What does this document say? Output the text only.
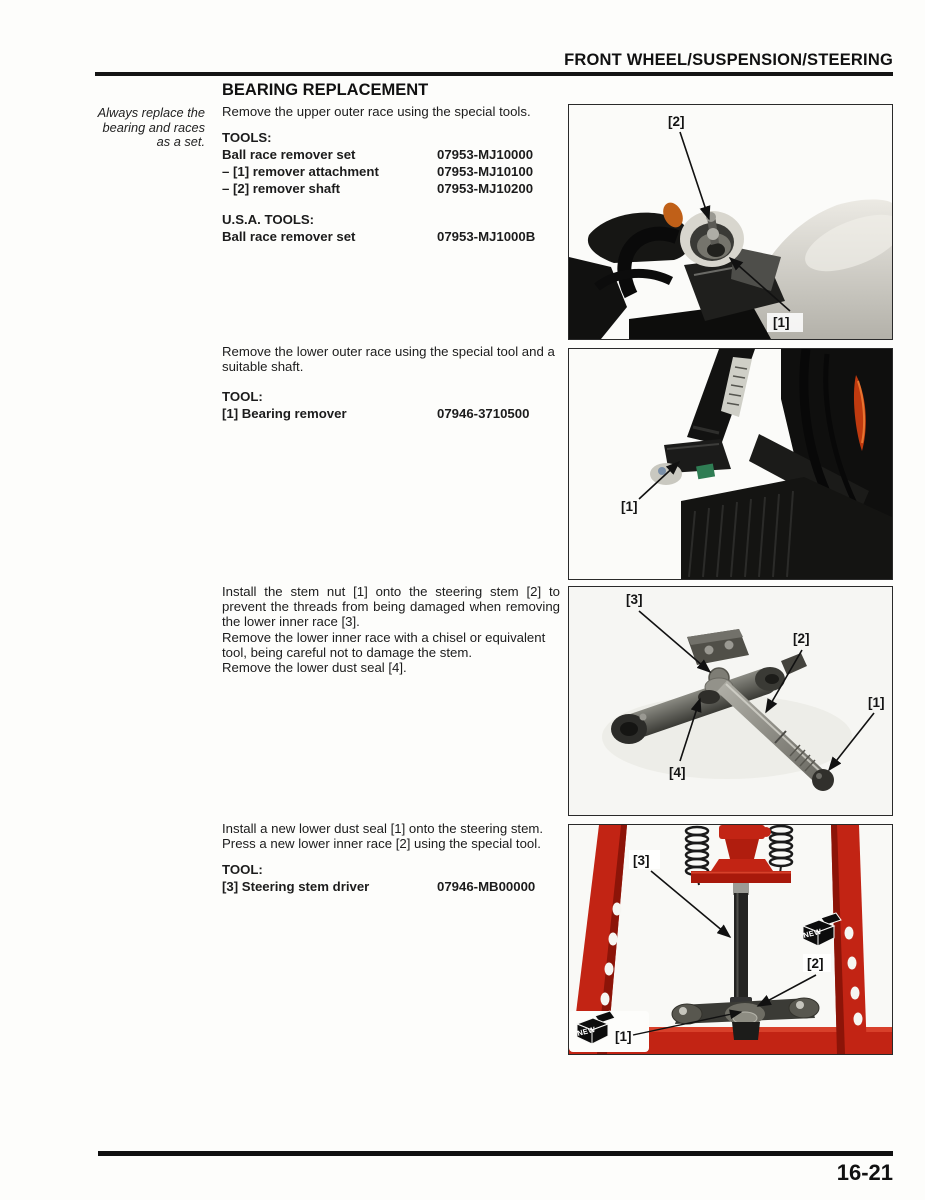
FRONT WHEEL/SUSPENSION/STEERING
BEARING REPLACEMENT
Always replace the bearing and races as a set.

Remove the upper outer race using the special tools.

TOOLS:
Ball race remover set	07953-MJ10000
– [1] remover attachment	07953-MJ10100
– [2] remover shaft	07953-MJ10200
U.S.A. TOOLS:
Ball race remover set	07953-MJ1000B

Remove the lower outer race using the special tool and a suitable shaft.

TOOL:
[1] Bearing remover	07946-3710500

Install the stem nut [1] onto the steering stem [2] to prevent the threads from being damaged when removing the lower inner race [3].

Remove the lower inner race with a chisel or equivalent tool, being careful not to damage the stem.

Remove the lower dust seal [4].

Install a new lower dust seal [1] onto the steering stem.

Press a new lower inner race [2] using the special tool.

TOOL:
[3] Steering stem driver	07946-MB00000
[2]
[1]
[1]
[3]
[2]
[1]
[4]
[3]
NEW
[2]
NEW [1]
16-21
